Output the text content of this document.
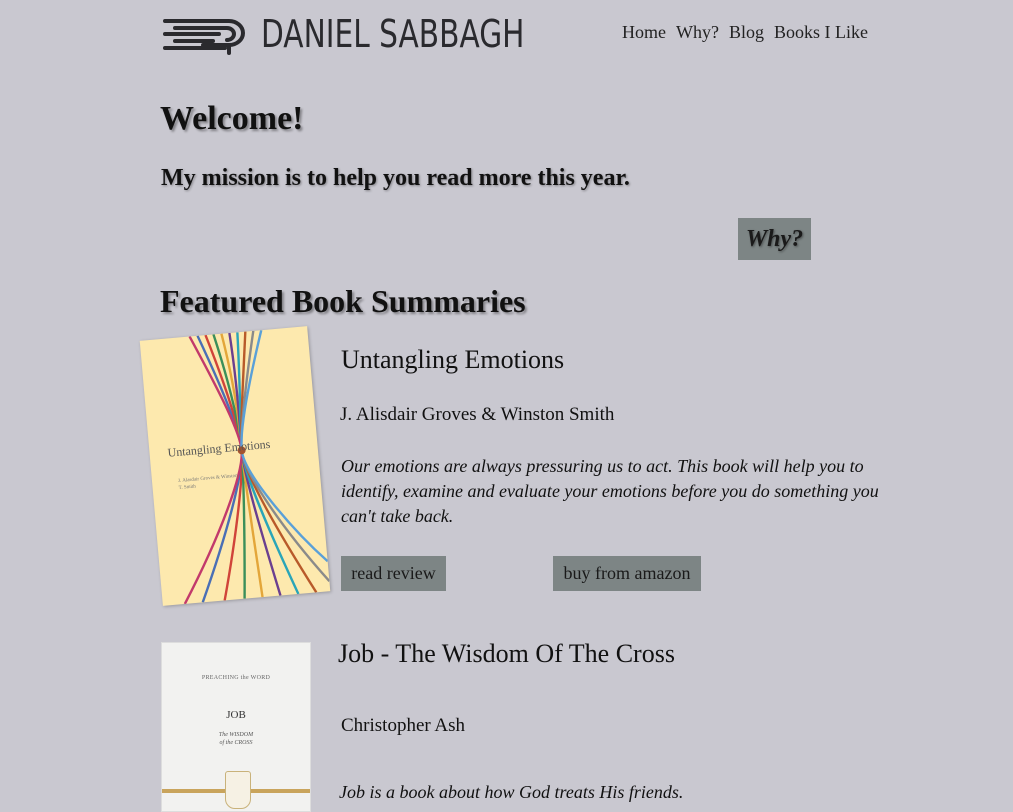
DANIEL SABBAGH	Home Why? Blog Books I Like
Welcome!

My mission is to help you read more this year.

Why?
Featured Book Summaries
Untangling Emotions
J. Alasdair Groves & Winston T. Smith
Untangling Emotions

J. Alisdair Groves & Winston Smith

Our emotions are always pressuring us to act. This book will help you to identify, examine and evaluate your emotions before you do something you can't take back.

read review	buy from amazon
PREACHING the WORD
JOB
The WISDOM
of the CROSS
Job - The Wisdom Of The Cross

Christopher Ash

Job is a book about how God treats His friends.
